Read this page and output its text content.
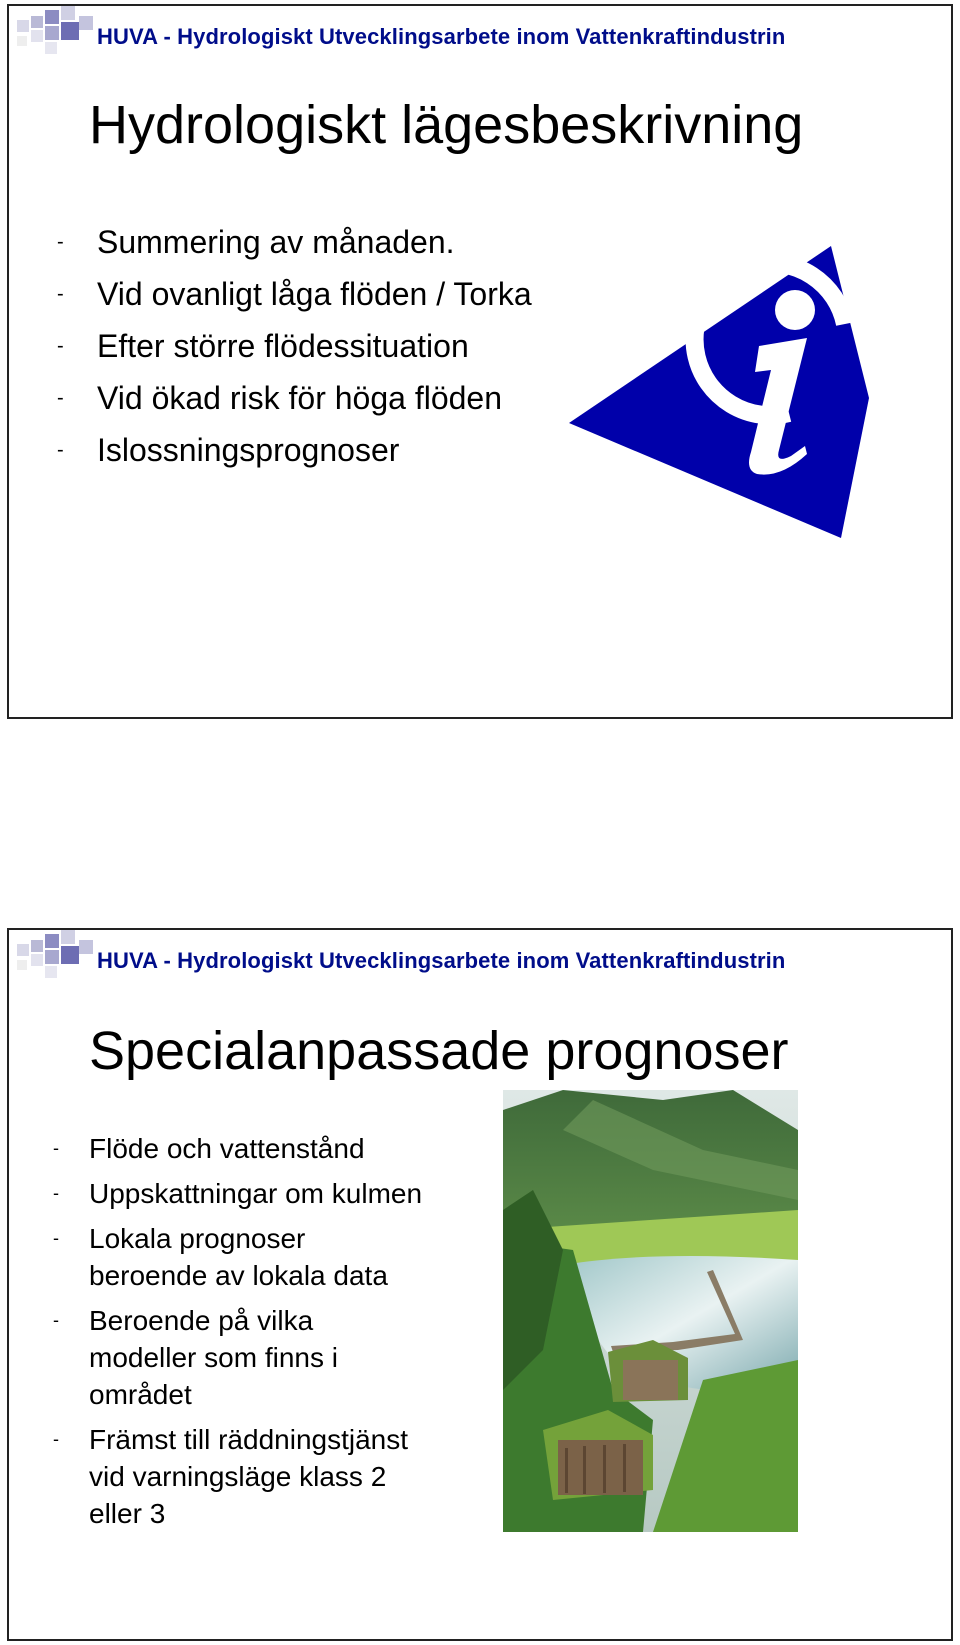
HUVA - Hydrologiskt Utvecklingsarbete inom Vattenkraftindustrin
Hydrologiskt lägesbeskrivning
- Summering av månaden.
- Vid ovanligt låga flöden / Torka
- Efter större flödessituation
- Vid ökad risk för höga flöden
- Islossningsprognoser
HUVA - Hydrologiskt Utvecklingsarbete inom Vattenkraftindustrin
Specialanpassade prognoser
- Flöde och vattenstånd
- Uppskattningar om kulmen
- Lokala prognoser
beroende av lokala data
- Beroende på vilka
modeller som finns i
området
- Främst till räddningstjänst
vid varningsläge klass 2
eller 3
